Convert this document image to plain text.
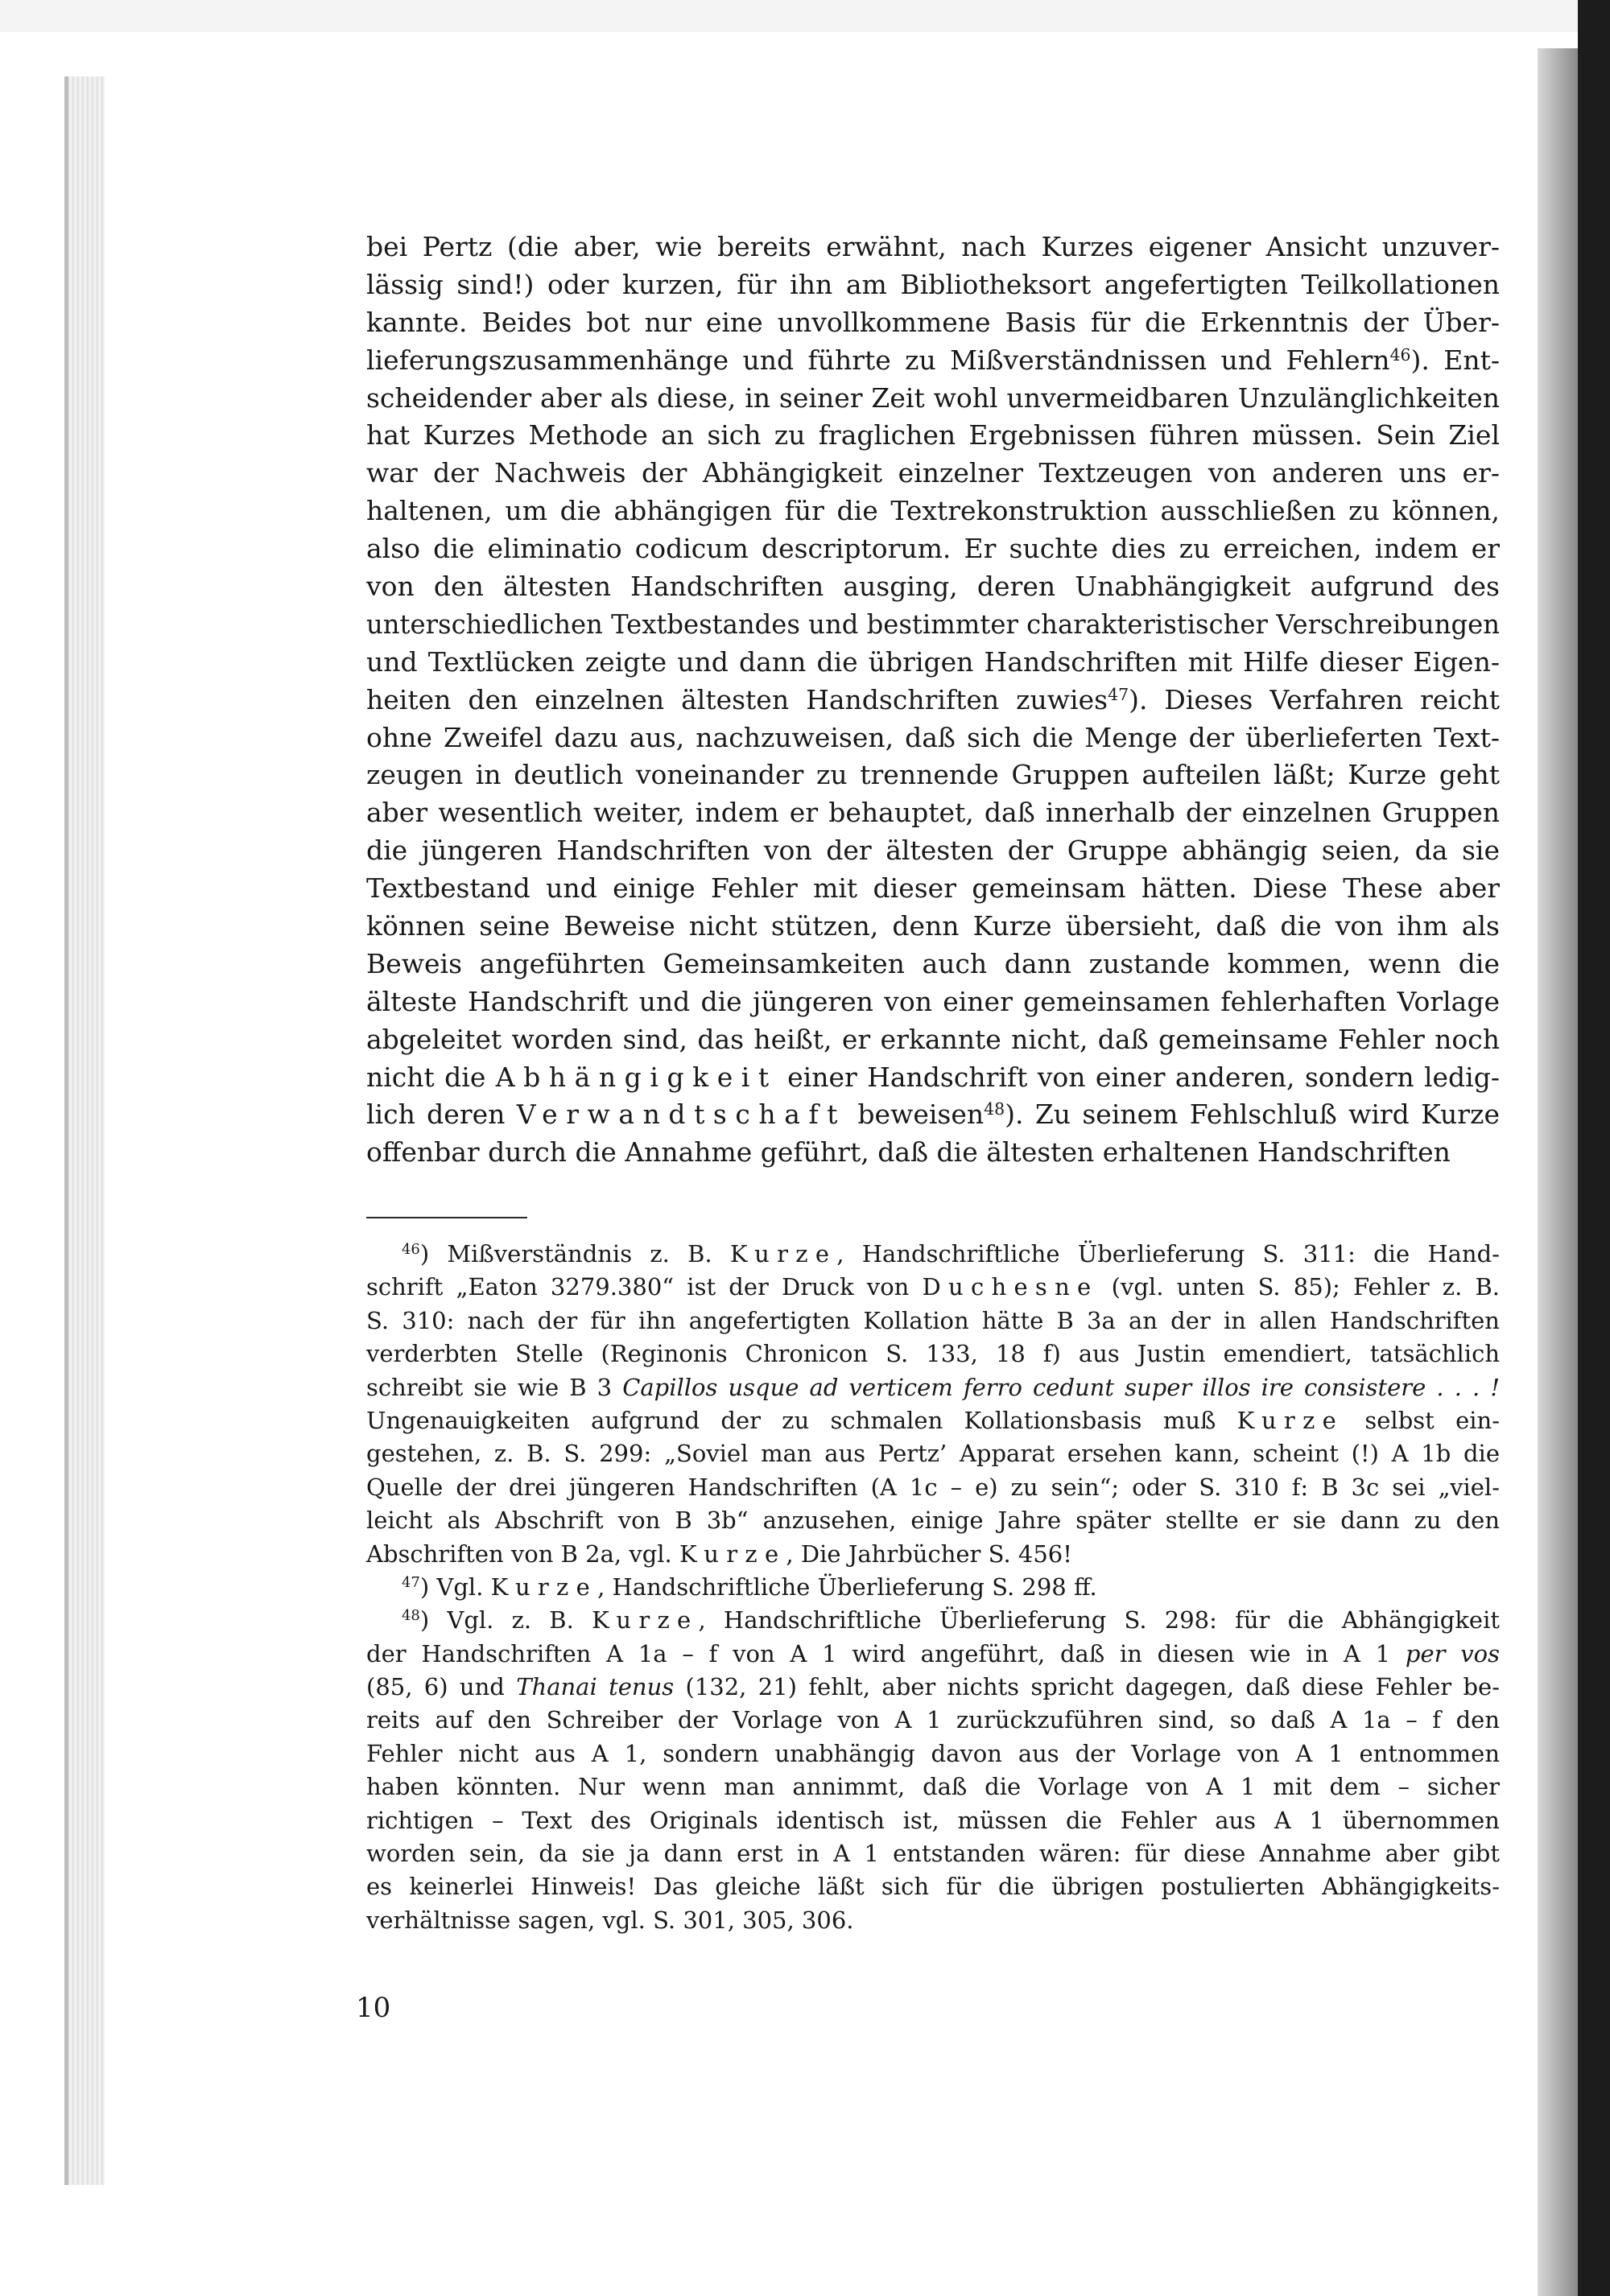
bei Pertz (die aber, wie bereits erwähnt, nach Kurzes eigener Ansicht unzuver-
lässig sind!) oder kurzen, für ihn am Bibliotheksort angefertigten Teilkollationen
kannte. Beides bot nur eine unvollkommene Basis für die Erkenntnis der Über-
lieferungszusammenhänge und führte zu Mißverständnissen und Fehlern$^{46}$). Ent-
scheidender aber als diese, in seiner Zeit wohl unvermeidbaren Unzulänglichkeiten
hat Kurzes Methode an sich zu fraglichen Ergebnissen führen müssen. Sein Ziel
war der Nachweis der Abhängigkeit einzelner Textzeugen von anderen uns er-
haltenen, um die abhängigen für die Textrekonstruktion ausschließen zu können,
also die eliminatio codicum descriptorum. Er suchte dies zu erreichen, indem er
von den ältesten Handschriften ausging, deren Unabhängigkeit aufgrund des
unterschiedlichen Textbestandes und bestimmter charakteristischer Verschreibungen
und Textlücken zeigte und dann die übrigen Handschriften mit Hilfe dieser Eigen-
heiten den einzelnen ältesten Handschriften zuwies$^{47}$). Dieses Verfahren reicht
ohne Zweifel dazu aus, nachzuweisen, daß sich die Menge der überlieferten Text-
zeugen in deutlich voneinander zu trennende Gruppen aufteilen läßt; Kurze geht
aber wesentlich weiter, indem er behauptet, daß innerhalb der einzelnen Gruppen
die jüngeren Handschriften von der ältesten der Gruppe abhängig seien, da sie
Textbestand und einige Fehler mit dieser gemeinsam hätten. Diese These aber
können seine Beweise nicht stützen, denn Kurze übersieht, daß die von ihm als
Beweis angeführten Gemeinsamkeiten auch dann zustande kommen, wenn die
älteste Handschrift und die jüngeren von einer gemeinsamen fehlerhaften Vorlage
abgeleitet worden sind, das heißt, er erkannte nicht, daß gemeinsame Fehler noch
nicht die Abhängigkeit einer Handschrift von einer anderen, sondern ledig-
lich deren Verwandtschaft beweisen$^{48}$). Zu seinem Fehlschluß wird Kurze
offenbar durch die Annahme geführt, daß die ältesten erhaltenen Handschriften
$^{46}$) Mißverständnis z. B. Kurze, Handschriftliche Überlieferung S. 311: die Hand-
schrift „Eaton 3279.380“ ist der Druck von Duchesne (vgl. unten S. 85); Fehler z. B.
S. 310: nach der für ihn angefertigten Kollation hätte B 3a an der in allen Handschriften
verderbten Stelle (Reginonis Chronicon S. 133, 18 f) aus Justin emendiert, tatsächlich
schreibt sie wie B 3 Capillos usque ad verticem ferro cedunt super illos ire consistere . . . !
Ungenauigkeiten aufgrund der zu schmalen Kollationsbasis muß Kurze selbst ein-
gestehen, z. B. S. 299: „Soviel man aus Pertz’ Apparat ersehen kann, scheint (!) A 1b die
Quelle der drei jüngeren Handschriften (A 1c – e) zu sein“; oder S. 310 f: B 3c sei „viel-
leicht als Abschrift von B 3b“ anzusehen, einige Jahre später stellte er sie dann zu den
Abschriften von B 2a, vgl. Kurze, Die Jahrbücher S. 456!
$^{47}$) Vgl. Kurze, Handschriftliche Überlieferung S. 298 ff.
$^{48}$) Vgl. z. B. Kurze, Handschriftliche Überlieferung S. 298: für die Abhängigkeit
der Handschriften A 1a – f von A 1 wird angeführt, daß in diesen wie in A 1 per vos
(85, 6) und Thanai tenus (132, 21) fehlt, aber nichts spricht dagegen, daß diese Fehler be-
reits auf den Schreiber der Vorlage von A 1 zurückzuführen sind, so daß A 1a – f den
Fehler nicht aus A 1, sondern unabhängig davon aus der Vorlage von A 1 entnommen
haben könnten. Nur wenn man annimmt, daß die Vorlage von A 1 mit dem – sicher
richtigen – Text des Originals identisch ist, müssen die Fehler aus A 1 übernommen
worden sein, da sie ja dann erst in A 1 entstanden wären: für diese Annahme aber gibt
es keinerlei Hinweis! Das gleiche läßt sich für die übrigen postulierten Abhängigkeits-
verhältnisse sagen, vgl. S. 301, 305, 306.
10
